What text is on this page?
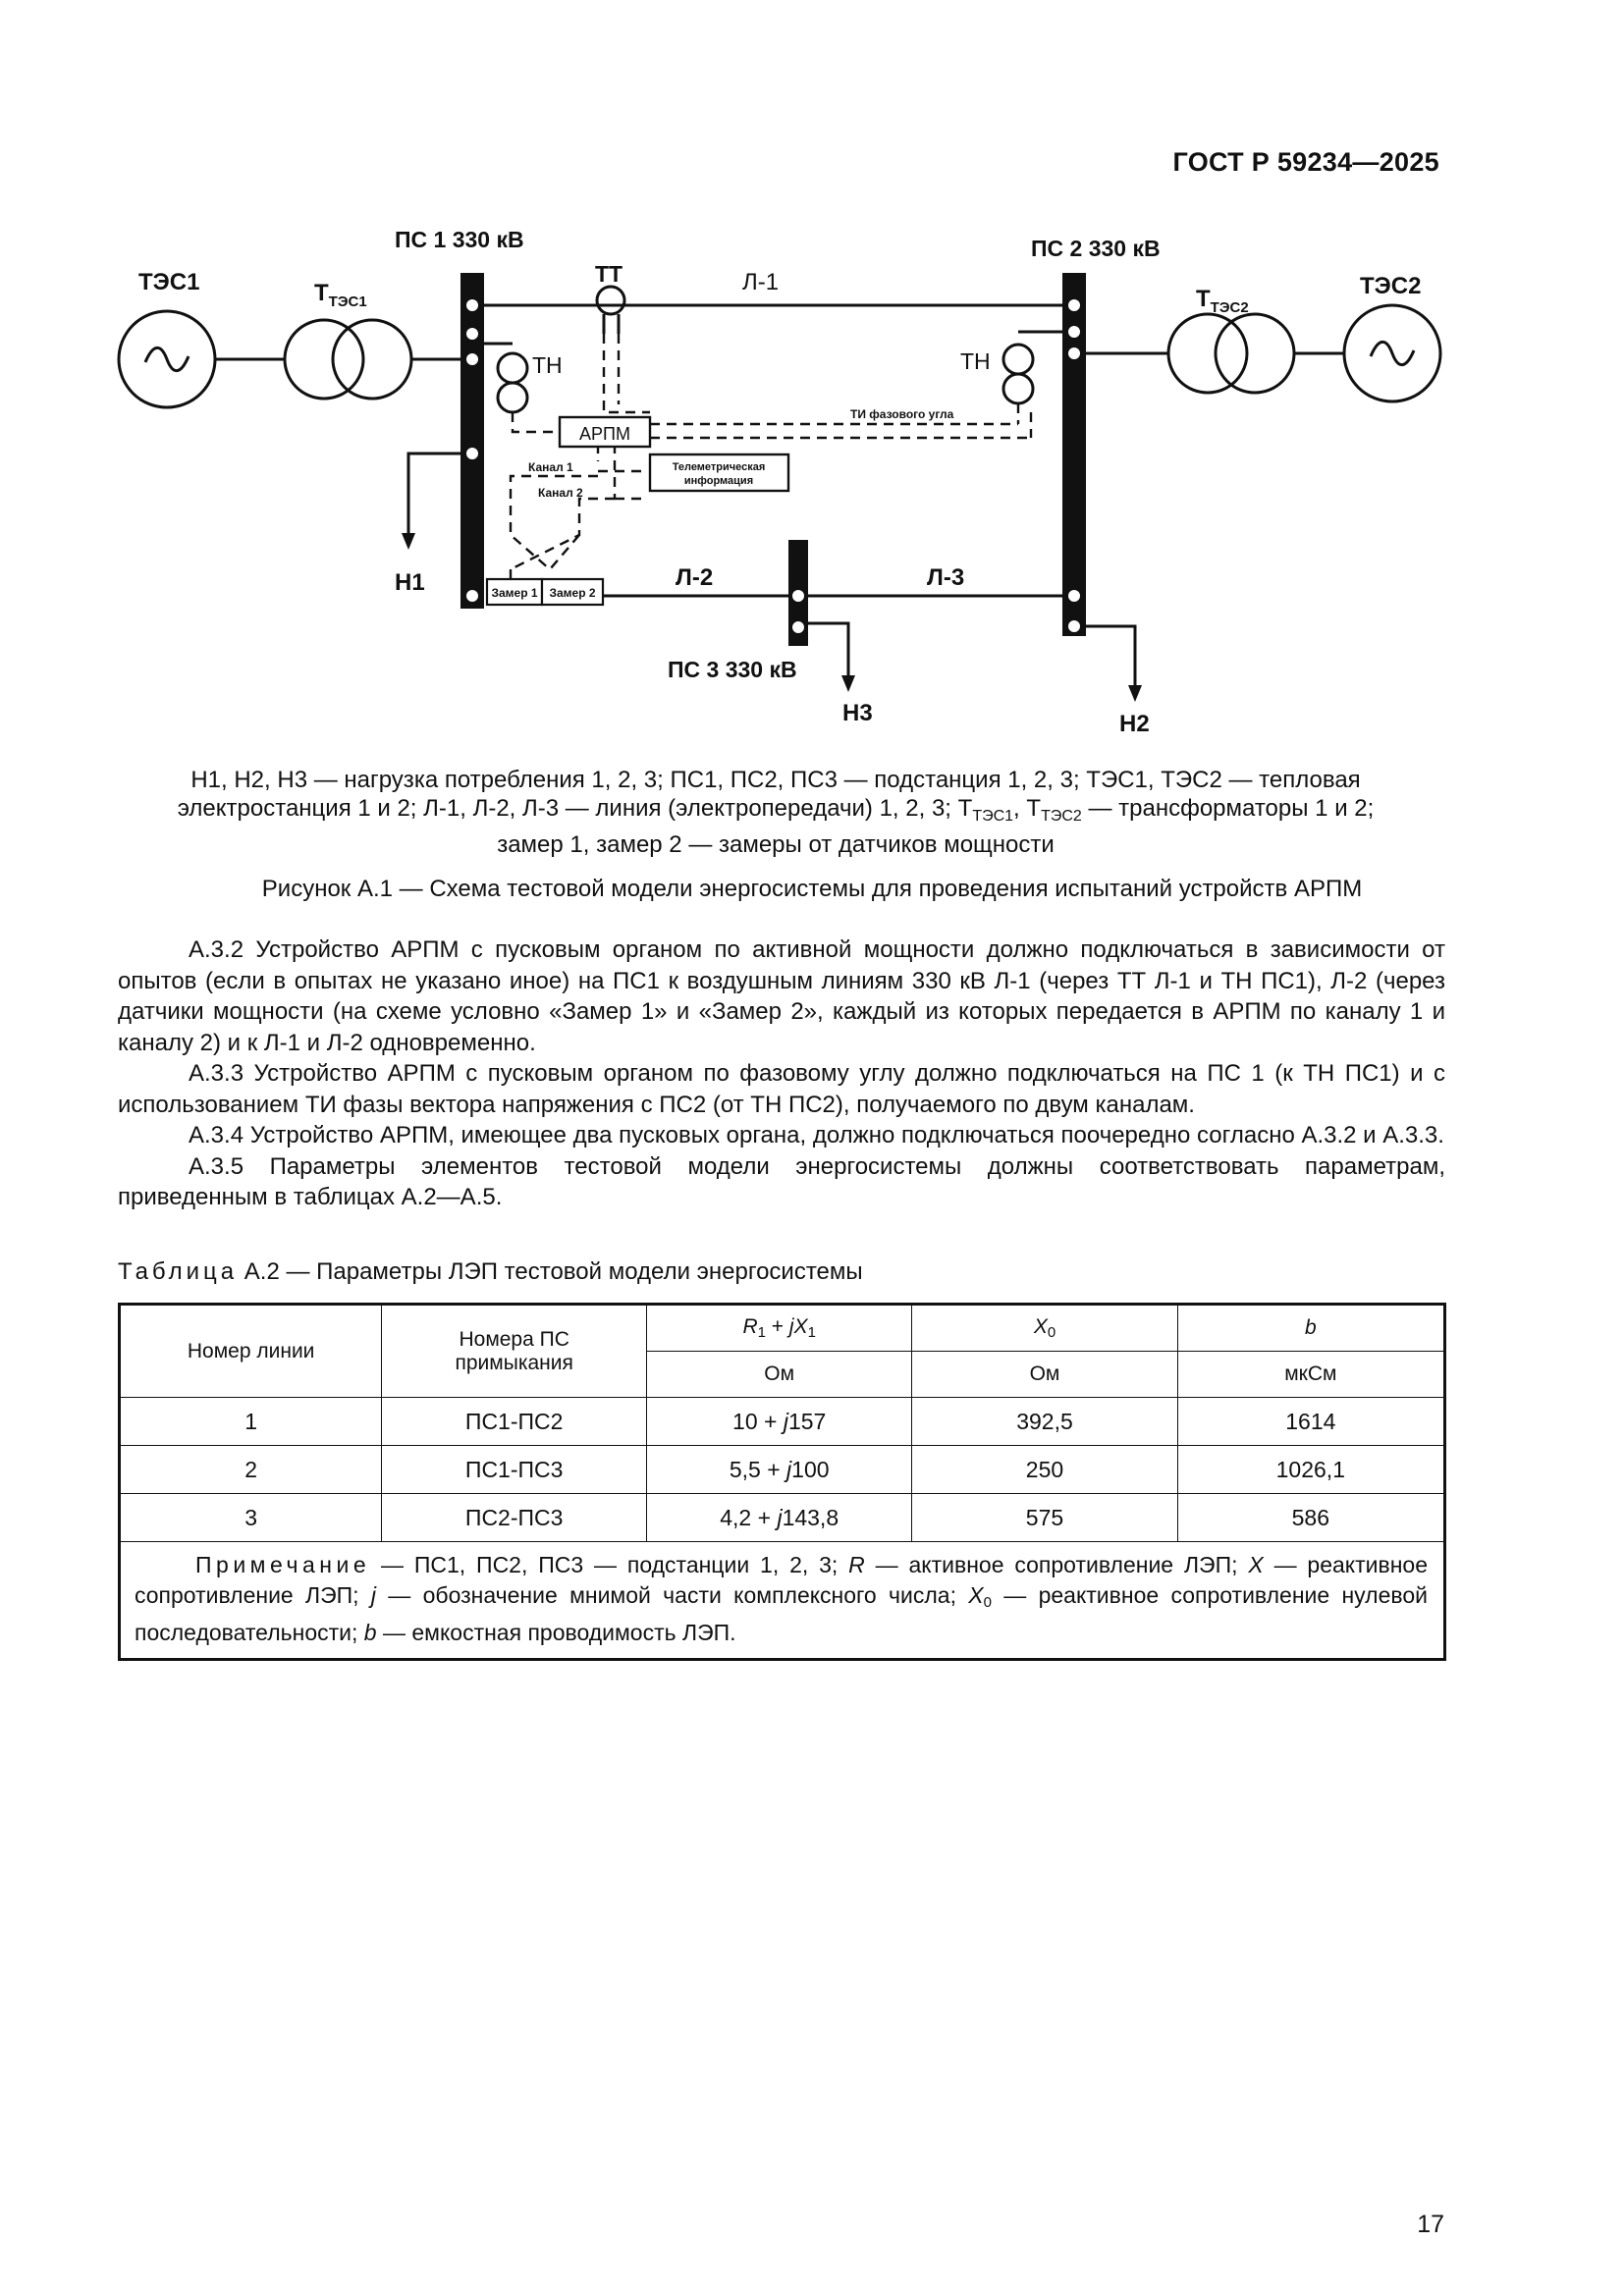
ГОСТ Р 59234—2025
ПС 1 330 кВ	ПС 2 330 кВ
ПС 3 330 кВ
ТЭС1	ТЭС2
$Т_{ТЭС1}$	$Т_{ТЭС2}$
ТТ	Л-1
Л-2	Л-3
ТН	ТН
АРПМ
ТИ фазового угла
Телеметрическая
информация
Канал 1
Канал 2
Замер 1 Замер 2
Н1
Н3	Н2
Н1, Н2, Н3 — нагрузка потребления 1, 2, 3; ПС1, ПС2, ПС3 — подстанция 1, 2, 3; ТЭС1, ТЭС2 — тепловая электростанция 1 и 2; Л-1, Л-2, Л-3 — линия (электропередачи) 1, 2, 3; $Т_{ТЭС1}$, $Т_{ТЭС2}$ — трансформаторы 1 и 2;
замер 1, замер 2 — замеры от датчиков мощности
Рисунок А.1 — Схема тестовой модели энергосистемы для проведения испытаний устройств АРПМ

А.3.2 Устройство АРПМ с пусковым органом по активной мощности должно подключаться в зависимости от опытов (если в опытах не указано иное) на ПС1 к воздушным линиям 330 кВ Л-1 (через ТТ Л-1 и ТН ПС1), Л-2 (через датчики мощности (на схеме условно «Замер 1» и «Замер 2», каждый из которых передается в АРПМ по каналу 1 и каналу 2) и к Л-1 и Л-2 одновременно.

А.3.3 Устройство АРПМ с пусковым органом по фазовому углу должно подключаться на ПС 1 (к ТН ПС1) и с использованием ТИ фазы вектора напряжения с ПС2 (от ТН ПС2), получаемого по двум каналам.

А.3.4 Устройство АРПМ, имеющее два пусковых органа, должно подключаться поочередно согласно А.3.2 и А.3.3.

А.3.5 Параметры элементов тестовой модели энергосистемы должны соответствовать параметрам, приведенным в таблицах А.2—А.5.

Таблица А.2 — Параметры ЛЭП тестовой модели энергосистемы
Номер линии	Номера ПС примыкания	$R_1 + jX_1$	$X_0$	b
		Ом	Ом	мкСм
1	ПС1-ПС2	10 + j157	392,5	1614
2	ПС1-ПС3	5,5 + j100	250	1026,1
3	ПС2-ПС3	4,2 + j143,8	575	586
Примечание — ПС1, ПС2, ПС3 — подстанции 1, 2, 3; R — активное сопротивление ЛЭП; X — реактивное сопротивление ЛЭП; j — обозначение мнимой части комплексного числа; $X_0$ — реактивное сопротивление нулевой последовательности; b — емкостная проводимость ЛЭП.				
17
